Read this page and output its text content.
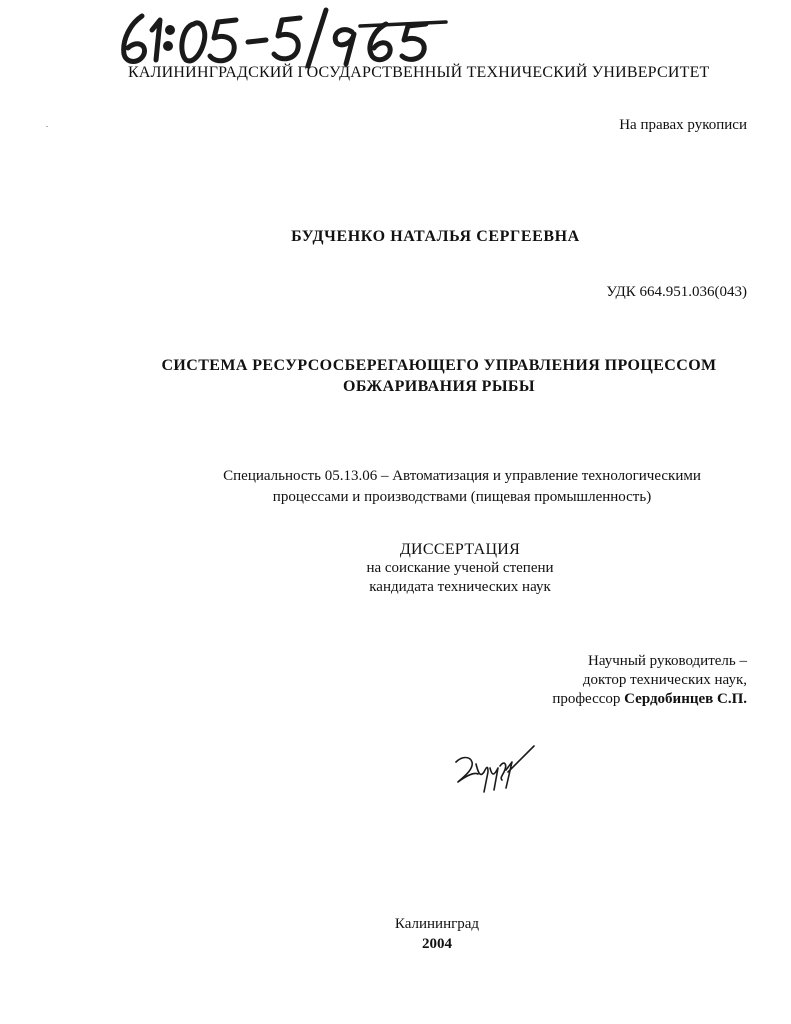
КАЛИНИНГРАДСКИЙ ГОСУДАРСТВЕННЫЙ ТЕХНИЧЕСКИЙ УНИВЕРСИТЕТ
На правах рукописи
БУДЧЕНКО НАТАЛЬЯ СЕРГЕЕВНА
УДК 664.951.036(043)
СИСТЕМА РЕСУРСОСБЕРЕГАЮЩЕГО УПРАВЛЕНИЯ ПРОЦЕССОМ
ОБЖАРИВАНИЯ РЫБЫ
Специальность 05.13.06 – Автоматизация и управление технологическими
процессами и производствами (пищевая промышленность)
ДИССЕРТАЦИЯ
на соискание ученой степени
кандидата технических наук
Научный руководитель –
доктор технических наук,
профессор Сердобинцев С.П.
Калининград
2004
